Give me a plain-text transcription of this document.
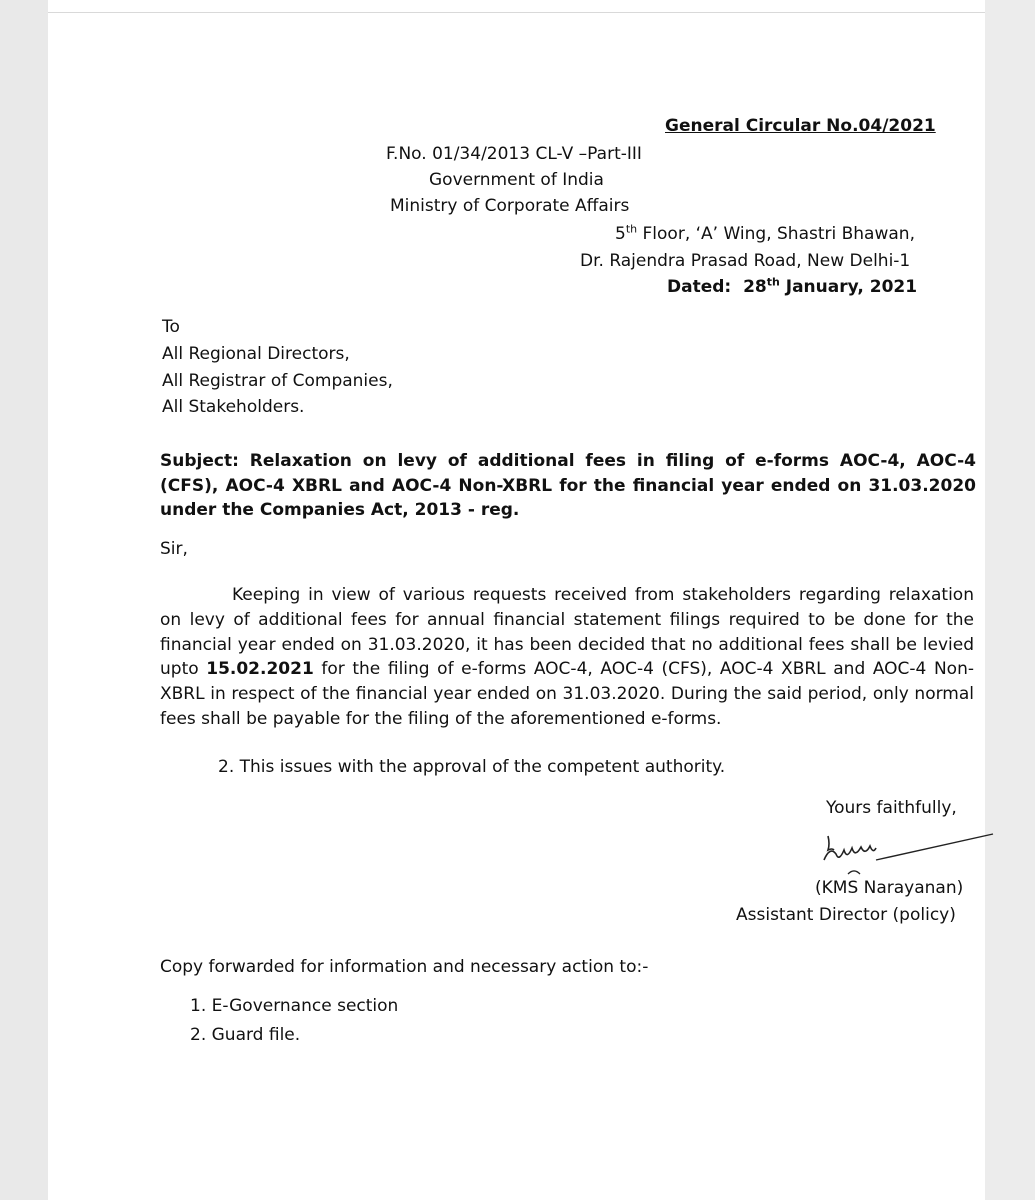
General Circular No.04/2021
F.No. 01/34/2013 CL-V –Part-III
Government of India
Ministry of Corporate Affairs
5th Floor, ‘A’ Wing, Shastri Bhawan,
Dr. Rajendra Prasad Road, New Delhi-1
Dated: 28th January, 2021
To
All Regional Directors,
All Registrar of Companies,
All Stakeholders.
Subject: Relaxation on levy of additional fees in filing of e-forms AOC-4, AOC-4 (CFS), AOC-4 XBRL and AOC-4 Non-XBRL for the financial year ended on 31.03.2020 under the Companies Act, 2013 - reg.
Sir,
Keeping in view of various requests received from stakeholders regarding relaxation on levy of additional fees for annual financial statement filings required to be done for the financial year ended on 31.03.2020, it has been decided that no additional fees shall be levied upto 15.02.2021 for the filing of e-forms AOC-4, AOC-4 (CFS), AOC-4 XBRL and AOC-4 Non-XBRL in respect of the financial year ended on 31.03.2020. During the said period, only normal fees shall be payable for the filing of the aforementioned e-forms.
2. This issues with the approval of the competent authority.
Yours faithfully,
(KMS Narayanan)
Assistant Director (policy)
Copy forwarded for information and necessary action to:-
1. E-Governance section
2. Guard file.
